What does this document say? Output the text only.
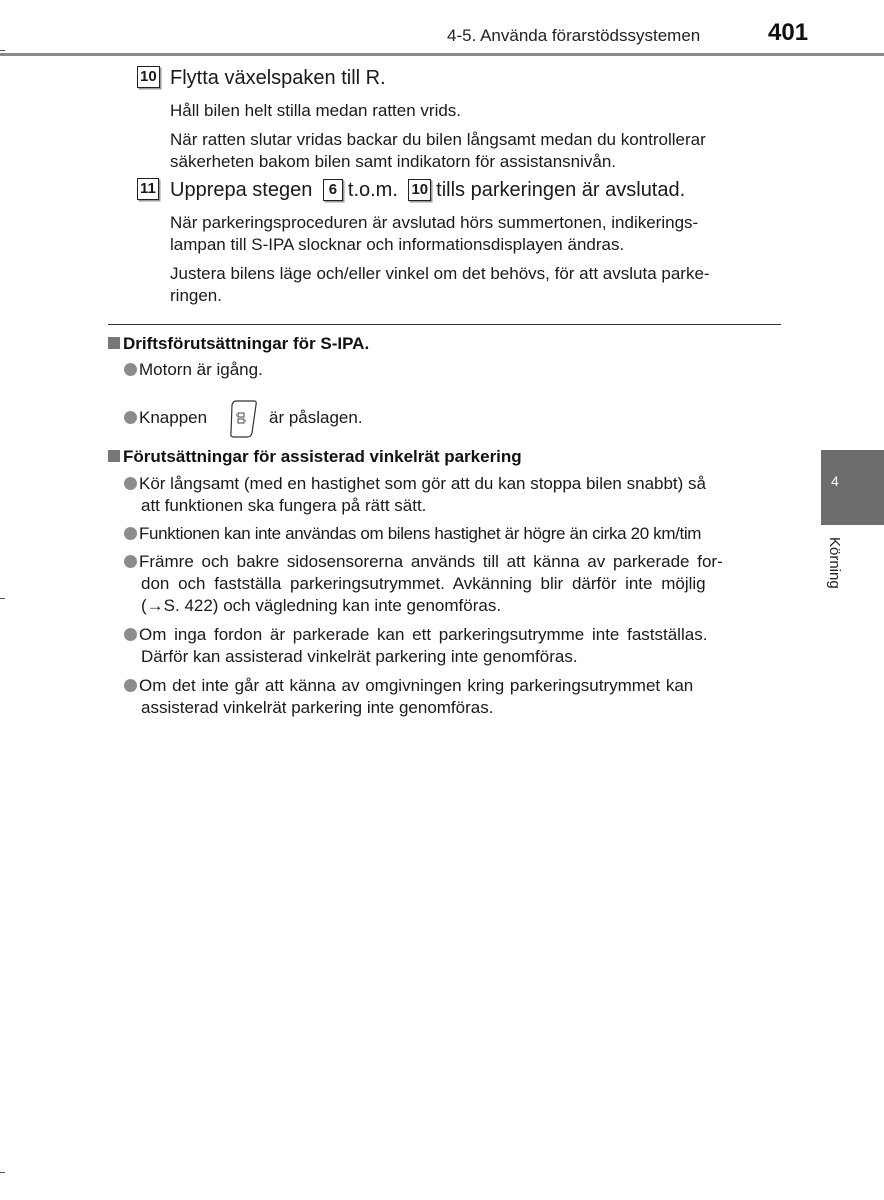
4-5. Använda förarstödssystemen	401
10 Flytta växelspaken till R.
Håll bilen helt stilla medan ratten vrids.
När ratten slutar vridas backar du bilen långsamt medan du kontrollerar
säkerheten bakom bilen samt indikatorn för assistansnivån.
11 Upprepa stegen 6 t.o.m. 10 tills parkeringen är avslutad.
När parkeringsproceduren är avslutad hörs summertonen, indikerings-
lampan till S-IPA slocknar och informationsdisplayen ändras.
Justera bilens läge och/eller vinkel om det behövs, för att avsluta parke-
ringen.
Driftsförutsättningar för S-IPA.
Motorn är igång.
Knappen	är påslagen.
Förutsättningar för assisterad vinkelrät parkering
Kör långsamt (med en hastighet som gör att du kan stoppa bilen snabbt) så
att funktionen ska fungera på rätt sätt.
Funktionen kan inte användas om bilens hastighet är högre än cirka 20 km/tim
Främre och bakre sidosensorerna används till att känna av parkerade for-
don och fastställa parkeringsutrymmet. Avkänning blir därför inte möjlig
(→S. 422) och vägledning kan inte genomföras.
Om inga fordon är parkerade kan ett parkeringsutrymme inte fastställas.
Därför kan assisterad vinkelrät parkering inte genomföras.
Om det inte går att känna av omgivningen kring parkeringsutrymmet kan
assisterad vinkelrät parkering inte genomföras.
4
Körning
